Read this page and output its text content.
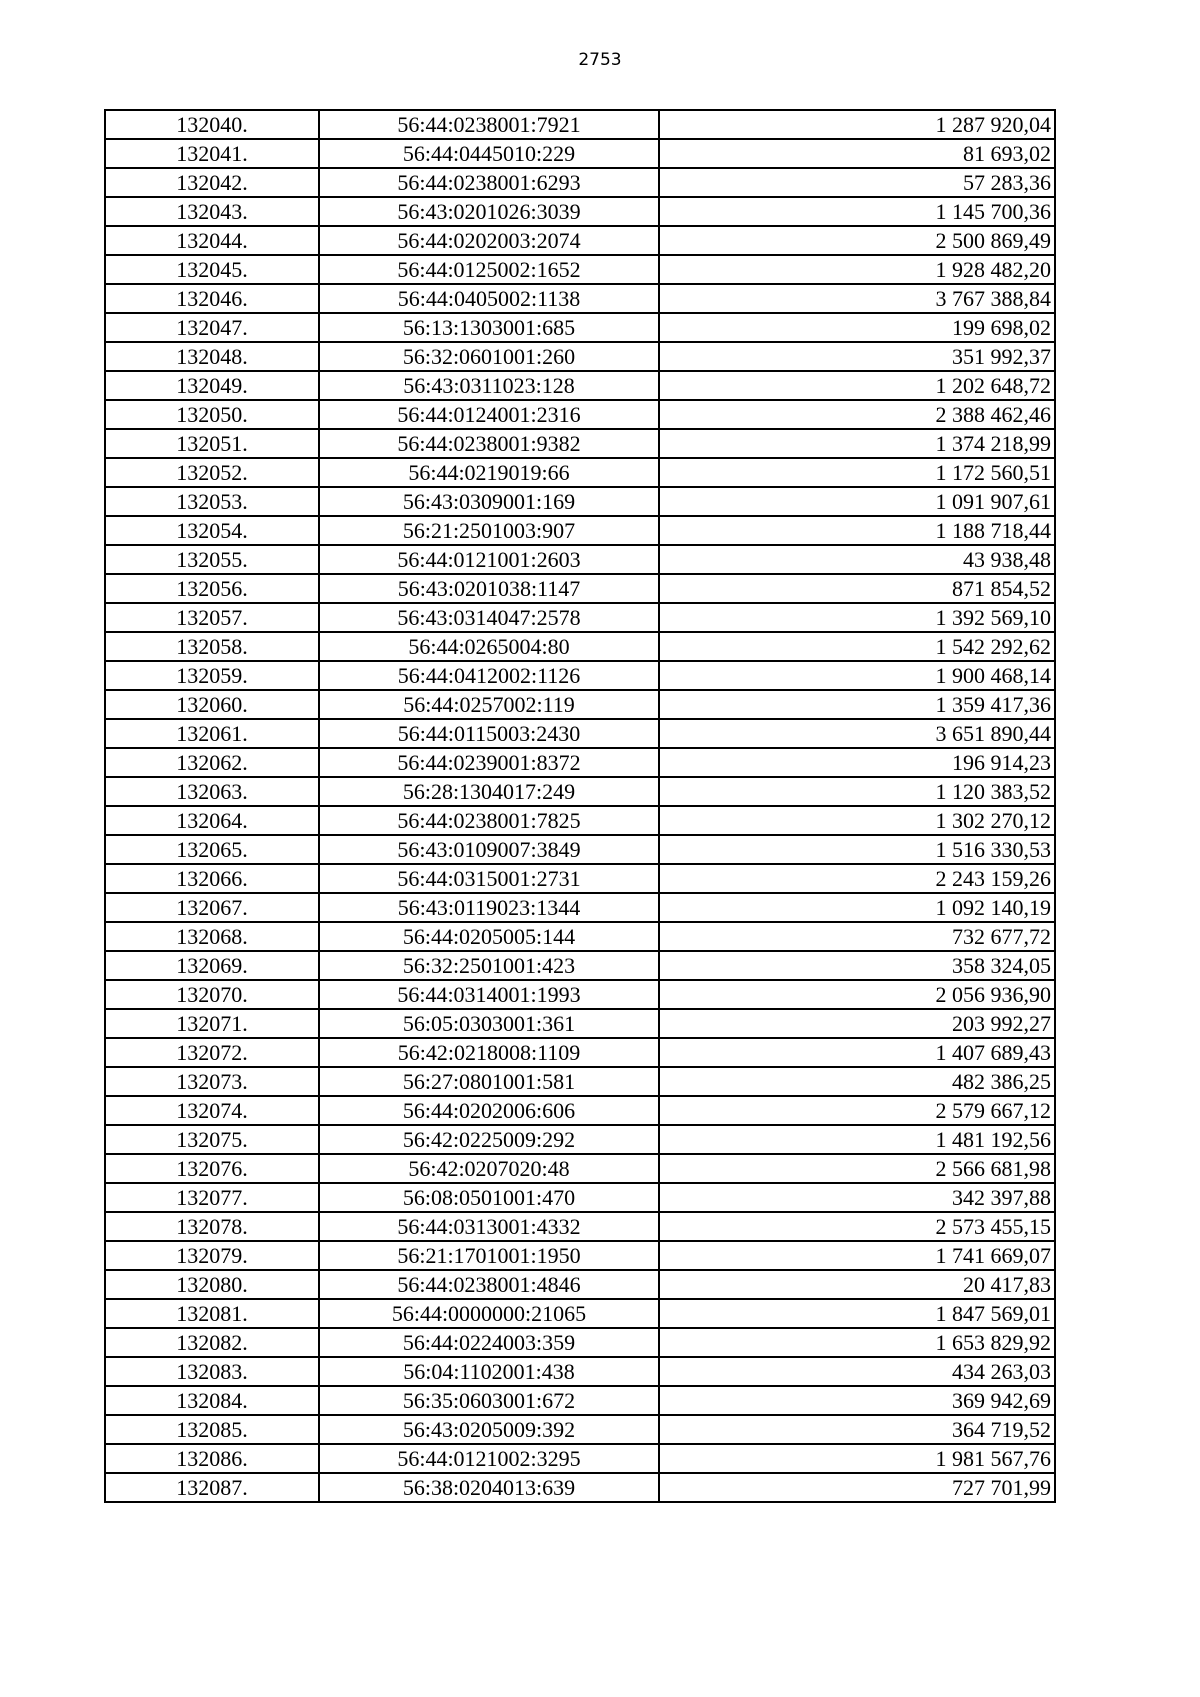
2753
132040.	56:44:0238001:7921	1 287 920,04
132041.	56:44:0445010:229	81 693,02
132042.	56:44:0238001:6293	57 283,36
132043.	56:43:0201026:3039	1 145 700,36
132044.	56:44:0202003:2074	2 500 869,49
132045.	56:44:0125002:1652	1 928 482,20
132046.	56:44:0405002:1138	3 767 388,84
132047.	56:13:1303001:685	199 698,02
132048.	56:32:0601001:260	351 992,37
132049.	56:43:0311023:128	1 202 648,72
132050.	56:44:0124001:2316	2 388 462,46
132051.	56:44:0238001:9382	1 374 218,99
132052.	56:44:0219019:66	1 172 560,51
132053.	56:43:0309001:169	1 091 907,61
132054.	56:21:2501003:907	1 188 718,44
132055.	56:44:0121001:2603	43 938,48
132056.	56:43:0201038:1147	871 854,52
132057.	56:43:0314047:2578	1 392 569,10
132058.	56:44:0265004:80	1 542 292,62
132059.	56:44:0412002:1126	1 900 468,14
132060.	56:44:0257002:119	1 359 417,36
132061.	56:44:0115003:2430	3 651 890,44
132062.	56:44:0239001:8372	196 914,23
132063.	56:28:1304017:249	1 120 383,52
132064.	56:44:0238001:7825	1 302 270,12
132065.	56:43:0109007:3849	1 516 330,53
132066.	56:44:0315001:2731	2 243 159,26
132067.	56:43:0119023:1344	1 092 140,19
132068.	56:44:0205005:144	732 677,72
132069.	56:32:2501001:423	358 324,05
132070.	56:44:0314001:1993	2 056 936,90
132071.	56:05:0303001:361	203 992,27
132072.	56:42:0218008:1109	1 407 689,43
132073.	56:27:0801001:581	482 386,25
132074.	56:44:0202006:606	2 579 667,12
132075.	56:42:0225009:292	1 481 192,56
132076.	56:42:0207020:48	2 566 681,98
132077.	56:08:0501001:470	342 397,88
132078.	56:44:0313001:4332	2 573 455,15
132079.	56:21:1701001:1950	1 741 669,07
132080.	56:44:0238001:4846	20 417,83
132081.	56:44:0000000:21065	1 847 569,01
132082.	56:44:0224003:359	1 653 829,92
132083.	56:04:1102001:438	434 263,03
132084.	56:35:0603001:672	369 942,69
132085.	56:43:0205009:392	364 719,52
132086.	56:44:0121002:3295	1 981 567,76
132087.	56:38:0204013:639	727 701,99
